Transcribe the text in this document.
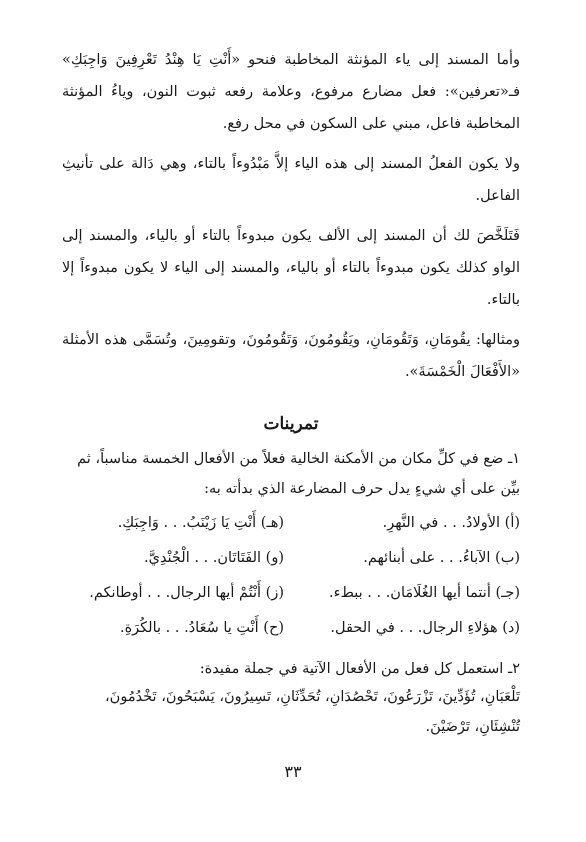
وأما المسند إلى ياء المؤنثة المخاطبة فنحو «أَنْتِ يَا هِنْدُ تَعْرِفِينَ وَاجِبَكِ» فـ«تعرفين»: فعل مضارع مرفوع، وعلامة رفعه ثبوت النون، وياءُ المؤنثة المخاطبة فاعل، مبني على السكون في محل رفع.

ولا يكون الفعلُ المسند إلى هذه الياء إلاَّ مَبْدُوءاً بالتاء، وهي دَالة على تأنيثِ الفاعل.

فَتَلَخَّصَ لك أن المسند إلى الألف يكون مبدوءاً بالتاء أو بالياء، والمسند إلى الواو كذلك يكون مبدوءاً بالتاء أو بالياء، والمسند إلى الياء لا يكون مبدوءاً إلا بالتاء.

ومثالها: يقُومَانِ، وَتَقُومَانِ، ويَقُومُونَ، وَتَقُومُونَ، وتقومِينَ، وتُسَمَّى هذه الأمثلة «الأَفْعَالَ الْخَمْسَةَ».

تمرينات

١ـ ضع في كلِّ مكان من الأمكنة الخالية فعلاً من الأفعال الخمسة مناسباً، ثم بيِّن على أي شيءٍ يدل حرف المضارعة الذي بدأته به:

(أ) الأولادُ. . . في النَّهرِ.
(هـ) أَنْتِ يَا زَيْنَبُ. . . وَاجِبَكِ.
(ب) الآباءُ. . . على أبنائهم.
(و) الفَتَاتَان. . . الْجُنْدِيَّ.
(جـ) أنتما أيها الغُلَامَان. . . ببطء.
(ز) أَنْتُمْ أيها الرجال. . . أوطانكم.
(د) هؤلاءِ الرجال. . . في الحقل.
(ح) أَنْتِ يا سُعَادُ. . . بالكُرَةِ.

٢ـ استعمل كل فعل من الأفعال الآتية في جملة مفيدة:

تَلْعَبَانِ، تُؤَدِّينَ، تَزْرَعُونَ، تَحْصُدَانِ، تُحَدِّثَانِ، تَسِيرُونَ، يَسْبَحُونَ، تَخْدُمُونَ، تُنْشِئَانِ، تَرْضَيْنَ.

٣٣
